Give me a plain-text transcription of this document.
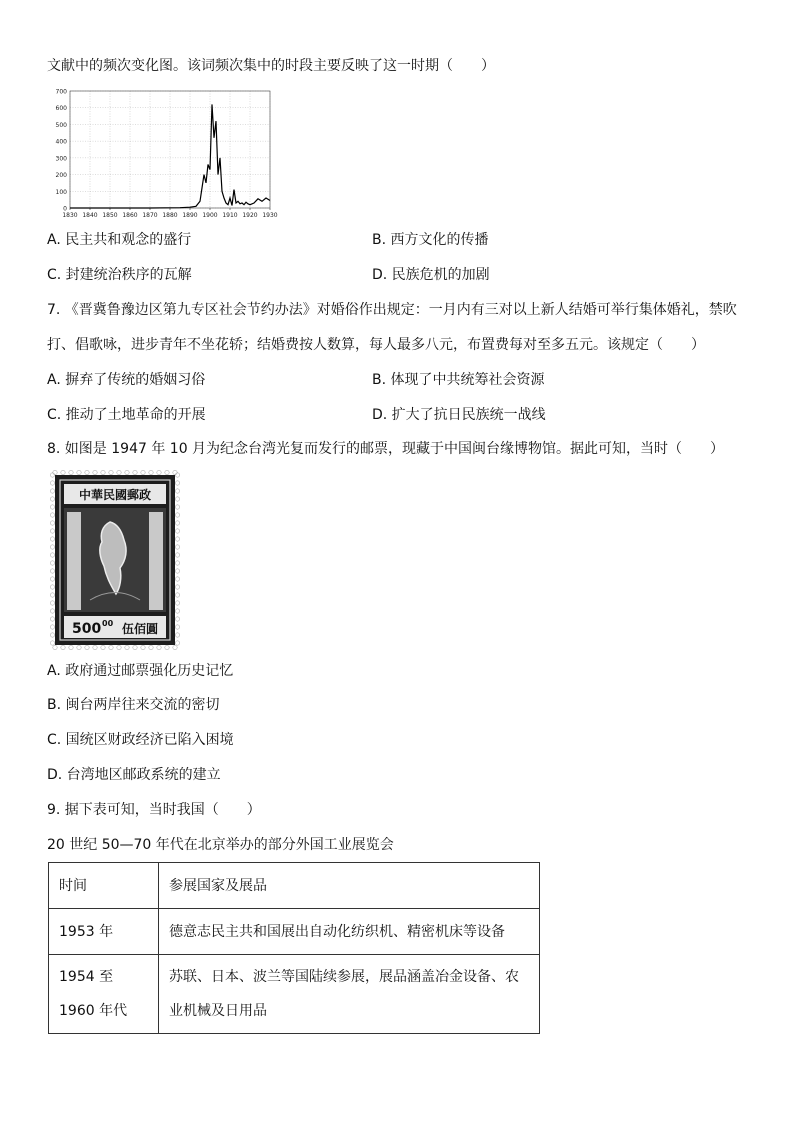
文献中的频次变化图。该词频次集中的时段主要反映了这一时期（　　）
0
100
200
300
400
500
600
700
1830 1840 1850 1860 1870 1880 1890 1900 1910 1920 1930
A. 民主共和观念的盛行	B. 西方文化的传播
C. 封建统治秩序的瓦解	D. 民族危机的加剧
7. 《晋冀鲁豫边区第九专区社会节约办法》对婚俗作出规定：一月内有三对以上新人结婚可举行集体婚礼，禁吹
打、倡歌咏，进步青年不坐花轿；结婚费按人数算，每人最多八元，布置费每对至多五元。该规定（　　）
A. 摒弃了传统的婚姻习俗	B. 体现了中共统筹社会资源
C. 推动了土地革命的开展	D. 扩大了抗日民族统一战线
8. 如图是 1947 年 10 月为纪念台湾光复而发行的邮票，现藏于中国闽台缘博物馆。据此可知，当时（　　）
中華民國郵政
500 00 伍佰圓
A. 政府通过邮票强化历史记忆
B. 闽台两岸往来交流的密切
C. 国统区财政经济已陷入困境
D. 台湾地区邮政系统的建立
9. 据下表可知，当时我国（　　）
20 世纪 50—70 年代在北京举办的部分外国工业展览会
时间	参展国家及展品
1953 年	德意志民主共和国展出自动化纺织机、精密机床等设备
1954 至 1960 年代	苏联、日本、波兰等国陆续参展，展品涵盖冶金设备、农业机械及日用品
